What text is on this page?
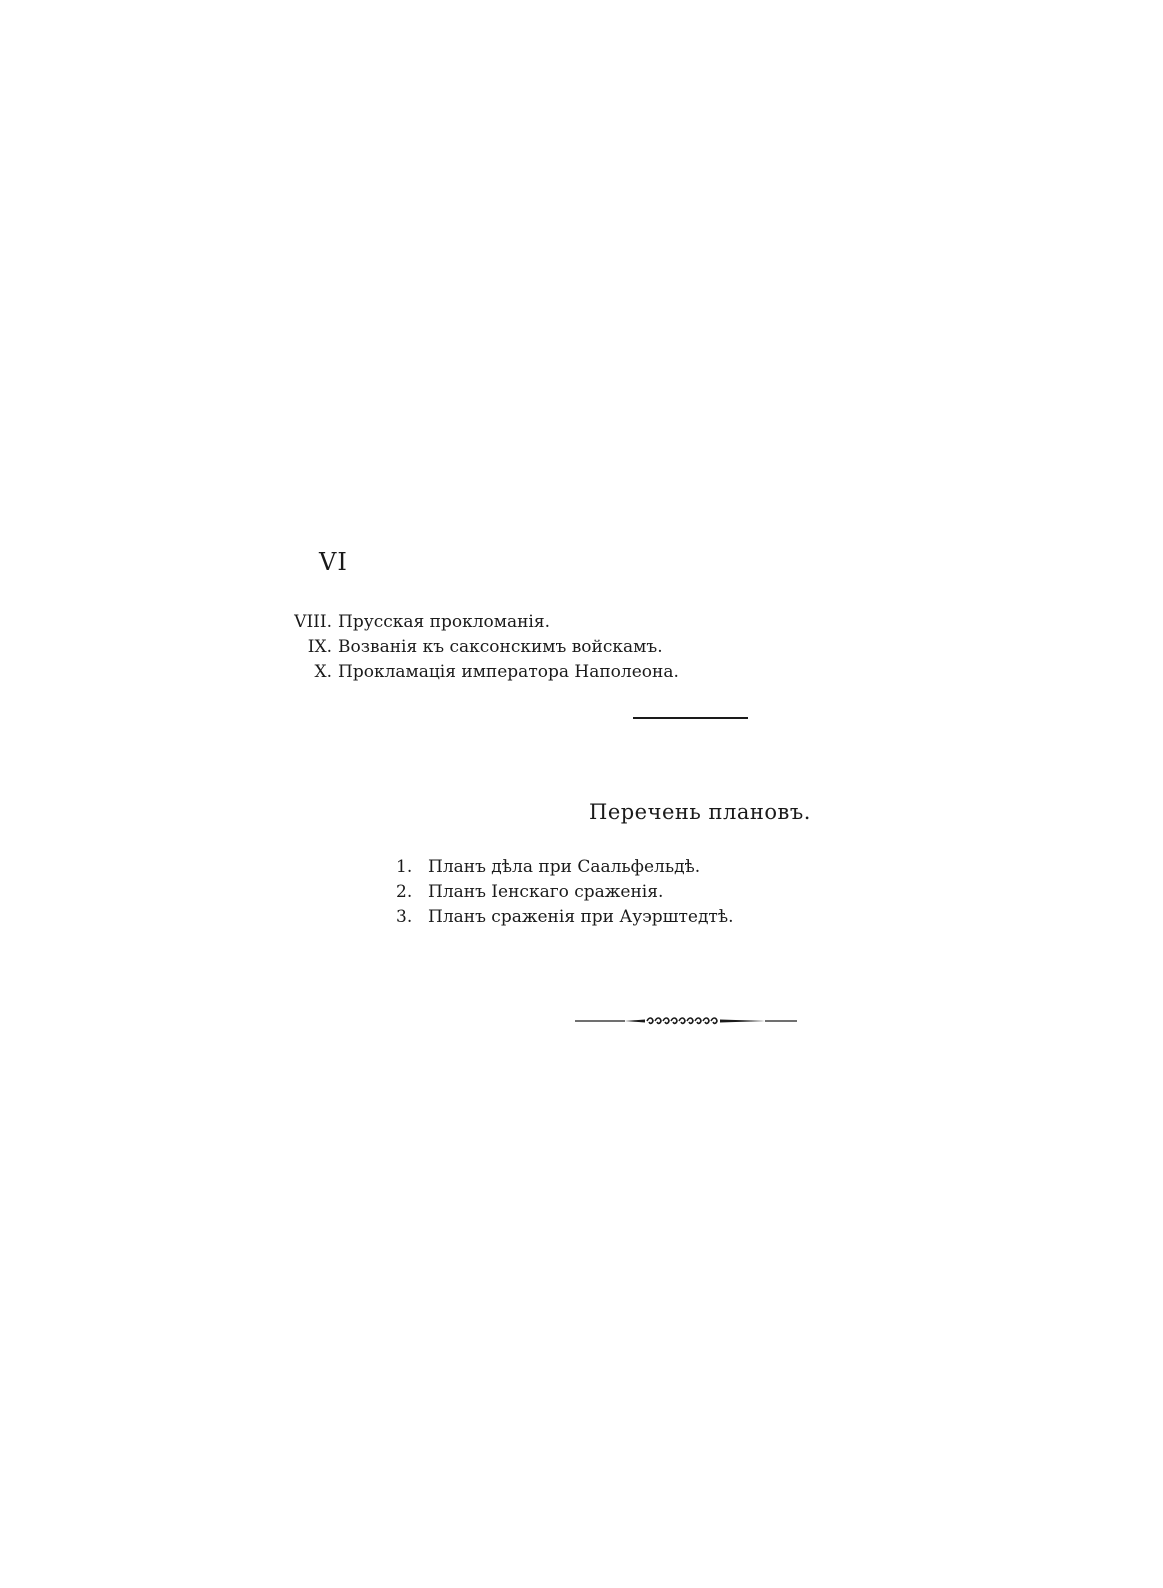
VI
VIII. Прусская прокломанія.
IX. Возванія къ саксонскимъ войскамъ.
X. Прокламація императора Наполеона.
Перечень плановъ.
1. Планъ дѣла при Саальфельдѣ.
2. Планъ Іенскаго сраженія.
3. Планъ сраженія при Ауэрштедтѣ.
